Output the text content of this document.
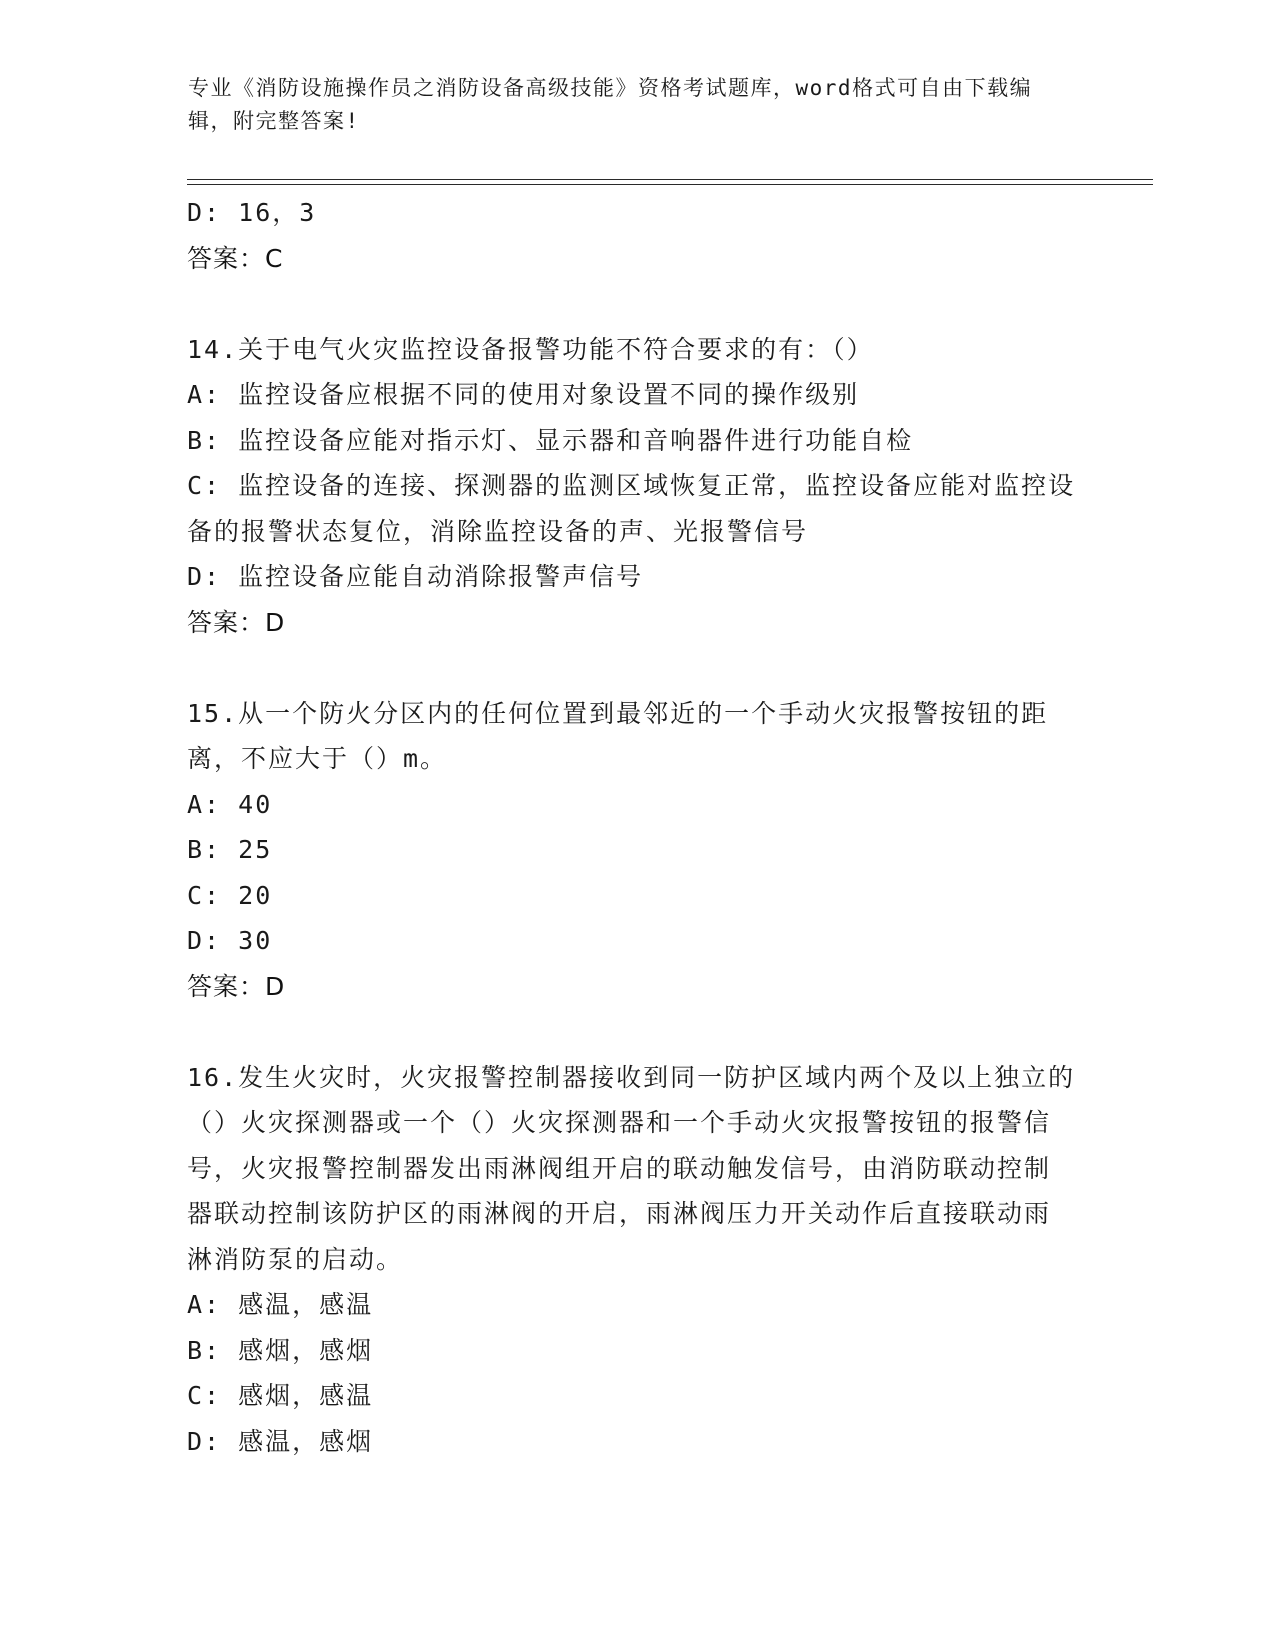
专业《消防设施操作员之消防设备高级技能》资格考试题库，word格式可自由下载编辑，附完整答案!
D: 16，3
答案：C
14.关于电气火灾监控设备报警功能不符合要求的有：（）
A: 监控设备应根据不同的使用对象设置不同的操作级别
B: 监控设备应能对指示灯、显示器和音响器件进行功能自检
C: 监控设备的连接、探测器的监测区域恢复正常，监控设备应能对监控设备的报警状态复位，消除监控设备的声、光报警信号
D: 监控设备应能自动消除报警声信号
答案：D
15.从一个防火分区内的任何位置到最邻近的一个手动火灾报警按钮的距离，不应大于（）m。
A: 40
B: 25
C: 20
D: 30
答案：D
16.发生火灾时，火灾报警控制器接收到同一防护区域内两个及以上独立的（）火灾探测器或一个（）火灾探测器和一个手动火灾报警按钮的报警信号，火灾报警控制器发出雨淋阀组开启的联动触发信号，由消防联动控制器联动控制该防护区的雨淋阀的开启，雨淋阀压力开关动作后直接联动雨淋消防泵的启动。
A: 感温，感温
B: 感烟，感烟
C: 感烟，感温
D: 感温，感烟
